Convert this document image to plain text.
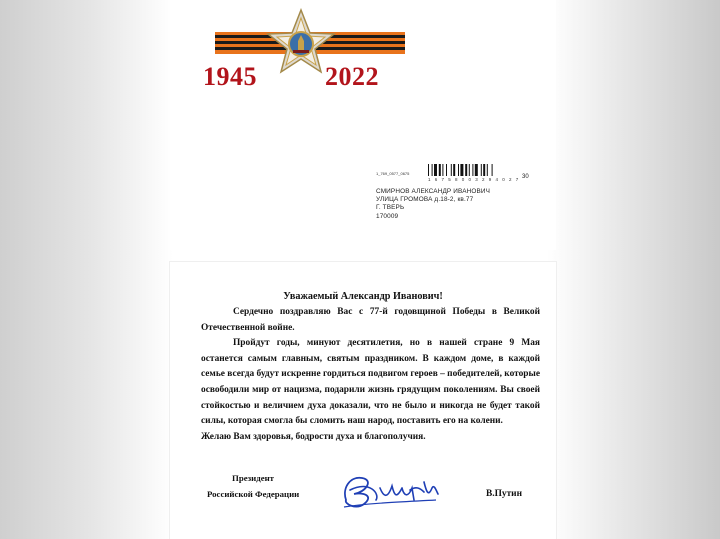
1945	2022
1_769_0577_0675
1 6 7 5 8 0 0 3 2 9 4 0 2 7 30
СМИРНОВ АЛЕКСАНДР ИВАНОВИЧ
УЛИЦА ГРОМОВА д.18-2, кв.77
Г. ТВЕРЬ
170009
Уважаемый Александр Иванович!

Сердечно поздравляю Вас с 77-й годовщиной Победы в Великой Отечественной войне.

Пройдут годы, минуют десятилетия, но в нашей стране 9 Мая останется самым главным, святым праздником. В каждом доме, в каждой семье всегда будут искренне гордиться подвигом героев – победителей, которые освободили мир от нацизма, подарили жизнь грядущим поколениям. Вы своей стойкостью и величием духа доказали, что не было и никогда не будет такой силы, которая смогла бы сломить наш народ, поставить его на колени.

Желаю Вам здоровья, бодрости духа и благополучия.

Президент
Российской Федерации	В.Путин
